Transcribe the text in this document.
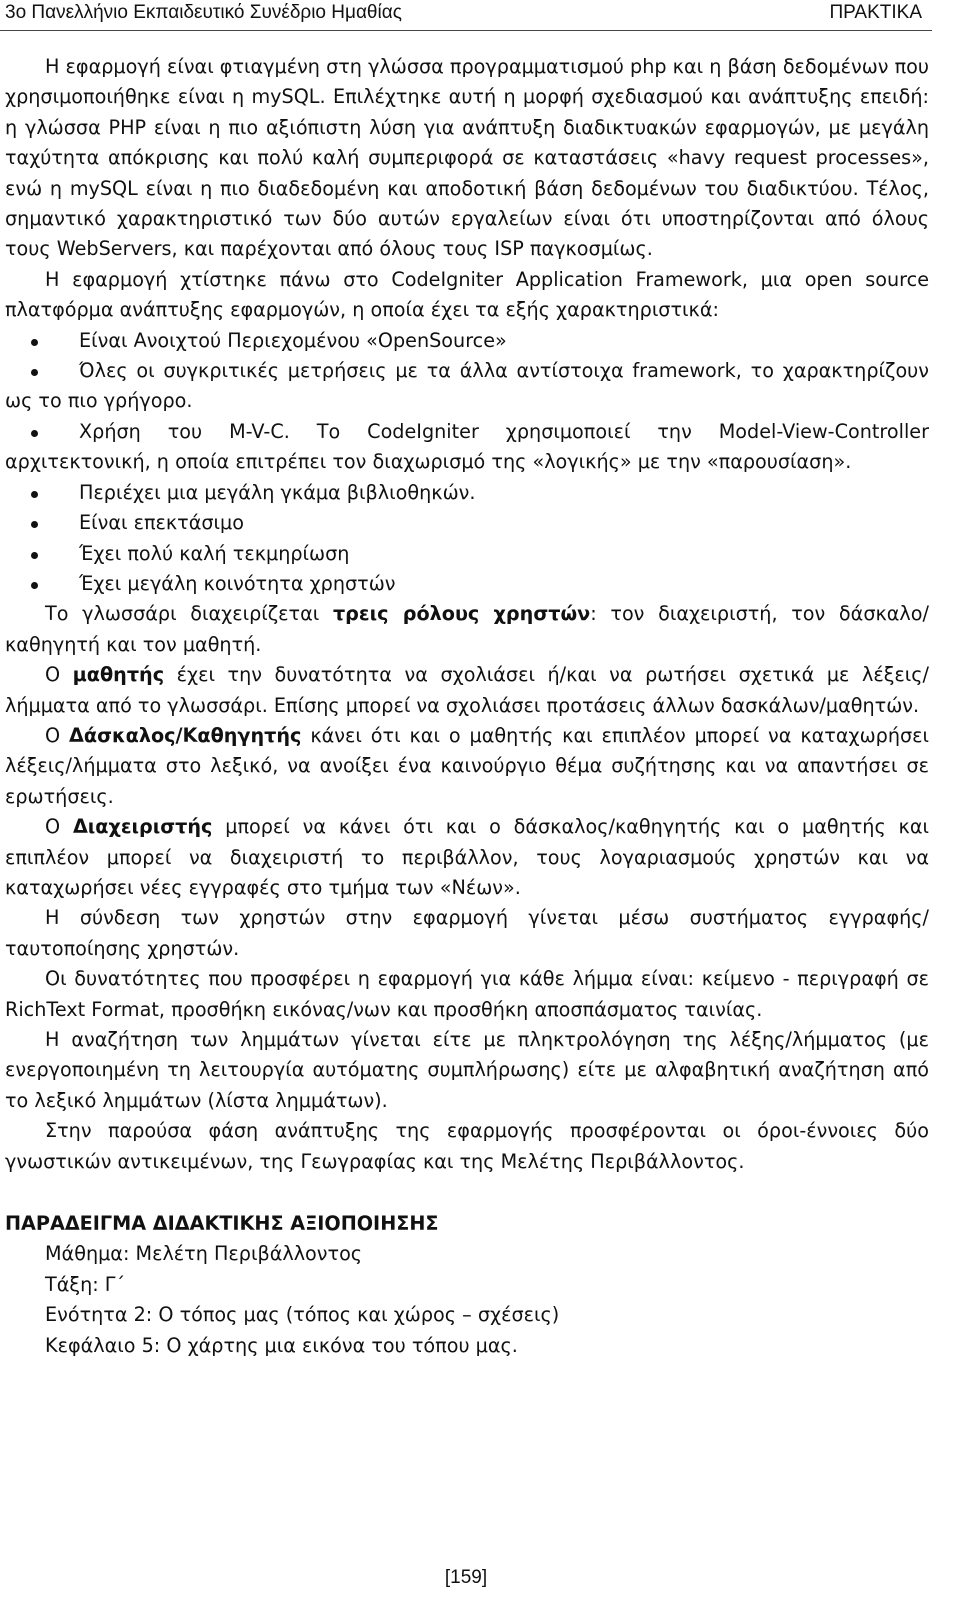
3ο Πανελλήνιο Εκπαιδευτικό Συνέδριο Ημαθίας	ΠΡΑΚΤΙΚΑ

Η εφαρμογή είναι φτιαγμένη στη γλώσσα προγραμματισμού php και η βάση δεδομένων που χρησιμοποιήθηκε είναι η mySQL. Επιλέχτηκε αυτή η μορφή σχεδιασμού και ανάπτυξης επειδή: η γλώσσα PHP είναι η πιο αξιόπιστη λύση για ανάπτυξη διαδικτυακών εφαρμογών, με μεγάλη ταχύτητα απόκρισης και πολύ καλή συμπεριφορά σε καταστάσεις «havy request processes», ενώ η mySQL είναι η πιο διαδεδομένη και αποδοτική βάση δεδομένων του διαδικτύου. Τέλος, σημαντικό χαρακτηριστικό των δύο αυτών εργαλείων είναι ότι υποστηρίζονται από όλους τους WebServers, και παρέχονται από όλους τους ISP παγκοσμίως.

Η εφαρμογή χτίστηκε πάνω στο CodeIgniter Application Framework, μια open source πλατφόρμα ανάπτυξης εφαρμογών, η οποία έχει τα εξής χαρακτηριστικά:

Είναι Ανοιχτού Περιεχομένου «OpenSource»
Όλες οι συγκριτικές μετρήσεις με τα άλλα αντίστοιχα framework, το χαρακτηρίζουν ως το πιο γρήγορο.
Χρήση του M-V-C. Το CodeIgniter χρησιμοποιεί την Model-View-Controller αρχιτεκτονική, η οποία επιτρέπει τον διαχωρισμό της «λογικής» με την «παρουσίαση».
Περιέχει μια μεγάλη γκάμα βιβλιοθηκών.
Είναι επεκτάσιμο
Έχει πολύ καλή τεκμηρίωση
Έχει μεγάλη κοινότητα χρηστών

Το γλωσσάρι διαχειρίζεται τρεις ρόλους χρηστών: τον διαχειριστή, τον δάσκαλο/καθηγητή και τον μαθητή.

Ο μαθητής έχει την δυνατότητα να σχολιάσει ή/και να ρωτήσει σχετικά με λέξεις/λήμματα από το γλωσσάρι. Επίσης μπορεί να σχολιάσει προτάσεις άλλων δασκάλων/μαθητών.

Ο Δάσκαλος/Καθηγητής κάνει ότι και ο μαθητής και επιπλέον μπορεί να καταχωρήσει λέξεις/λήμματα στο λεξικό, να ανοίξει ένα καινούργιο θέμα συζήτησης και να απαντήσει σε ερωτήσεις.

Ο Διαχειριστής μπορεί να κάνει ότι και ο δάσκαλος/καθηγητής και ο μαθητής και επιπλέον μπορεί να διαχειριστή το περιβάλλον, τους λογαριασμούς χρηστών και να καταχωρήσει νέες εγγραφές στο τμήμα των «Νέων».

Η σύνδεση των χρηστών στην εφαρμογή γίνεται μέσω συστήματος εγγραφής/ταυτοποίησης χρηστών.

Οι δυνατότητες που προσφέρει η εφαρμογή για κάθε λήμμα είναι: κείμενο - περιγραφή σε RichText Format, προσθήκη εικόνας/νων και προσθήκη αποσπάσματος ταινίας.

Η αναζήτηση των λημμάτων γίνεται είτε με πληκτρολόγηση της λέξης/λήμματος (με ενεργοποιημένη τη λειτουργία αυτόματης συμπλήρωσης) είτε με αλφαβητική αναζήτηση από το λεξικό λημμάτων (λίστα λημμάτων).

Στην παρούσα φάση ανάπτυξης της εφαρμογής προσφέρονται οι όροι-έννοιες δύο γνωστικών αντικειμένων, της Γεωγραφίας και της Μελέτης Περιβάλλοντος.

ΠΑΡΑΔΕΙΓΜΑ ΔΙΔΑΚΤΙΚΗΣ ΑΞΙΟΠΟΙΗΣΗΣ
Μάθημα: Μελέτη Περιβάλλοντος
Τάξη: Γ΄
Ενότητα 2: Ο τόπος μας (τόπος και χώρος – σχέσεις)
Κεφάλαιο 5: Ο χάρτης μια εικόνα του τόπου μας.
[159]
